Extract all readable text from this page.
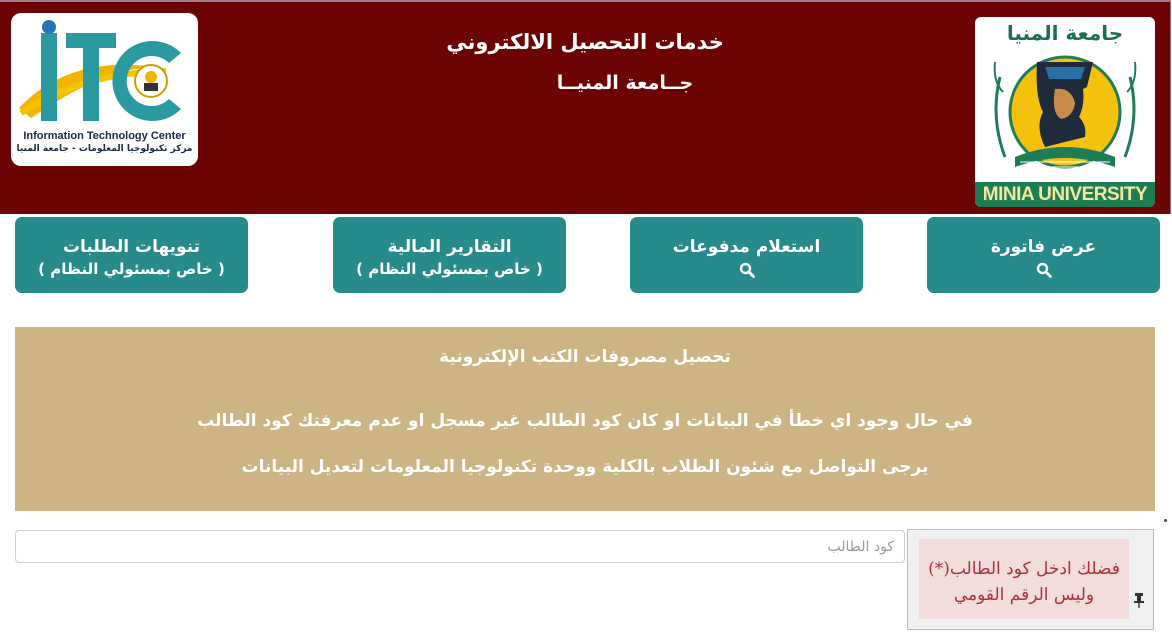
Information Technology Center
مركز تكنولوجيا المعلومات - جامعة المنيا
خدمات التحصيل الالكتروني
جــامعة المنيــا
جامعة المنيا
MINIA UNIVERSITY
عرض فاتورة
استعلام مدفوعات
التقارير المالية
( خاص بمسئولي النظام )
تنويهات الطلبات
( خاص بمسئولي النظام )
تحصيل مصروفات الكتب الإلكترونية
في حال وجود اي خطأ في البيانات او كان كود الطالب غير مسجل او عدم معرفتك كود الطالب
يرجى التواصل مع شئون الطلاب بالكلية ووحدة تكنولوجيا المعلومات لتعديل البيانات
كود الطالب
فضلك ادخل كود الطالب(*)
وليس الرقم القومي
